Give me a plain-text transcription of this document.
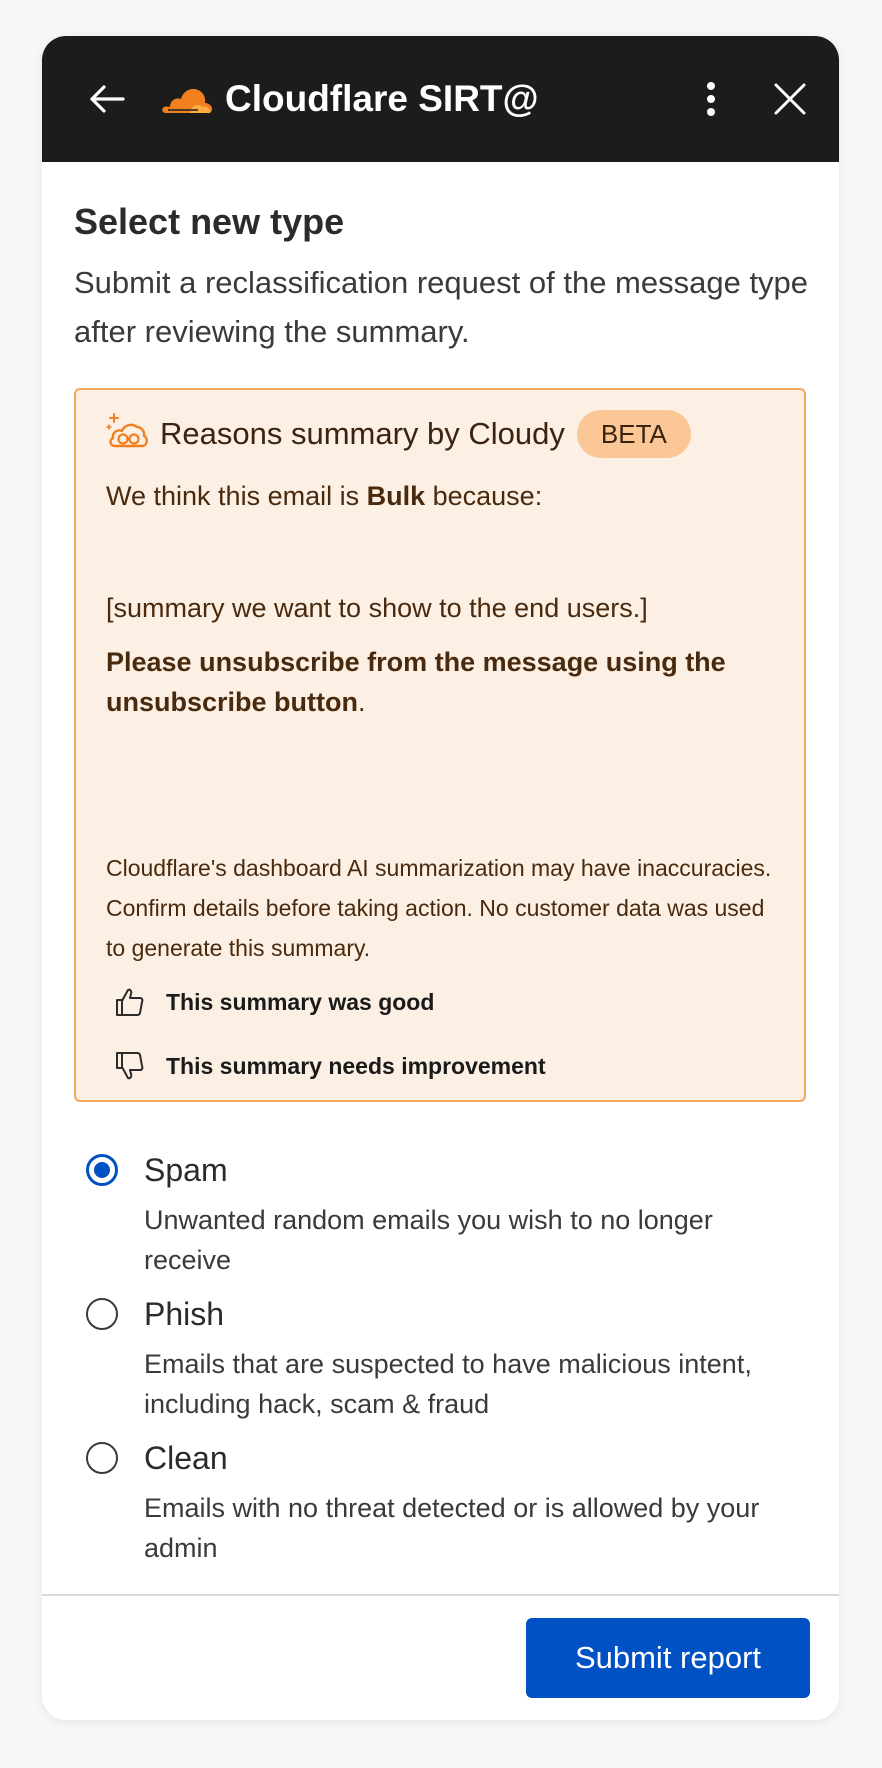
Cloudflare SIRT@
Select new type

Submit a reclassification request of the message type after reviewing the summary.

Reasons summary by Cloudy	BETA
We think this email is Bulk because:
[summary we want to show to the end users.]
Please unsubscribe from the message using the unsubscribe button.
Cloudflare's dashboard AI summarization may have inaccuracies. Confirm details before taking action. No customer data was used to generate this summary.
This summary was good
This summary needs improvement
Spam
Unwanted random emails you wish to no longer receive
Phish
Emails that are suspected to have malicious intent, including hack, scam & fraud
Clean
Emails with no threat detected or is allowed by your admin
Submit report
